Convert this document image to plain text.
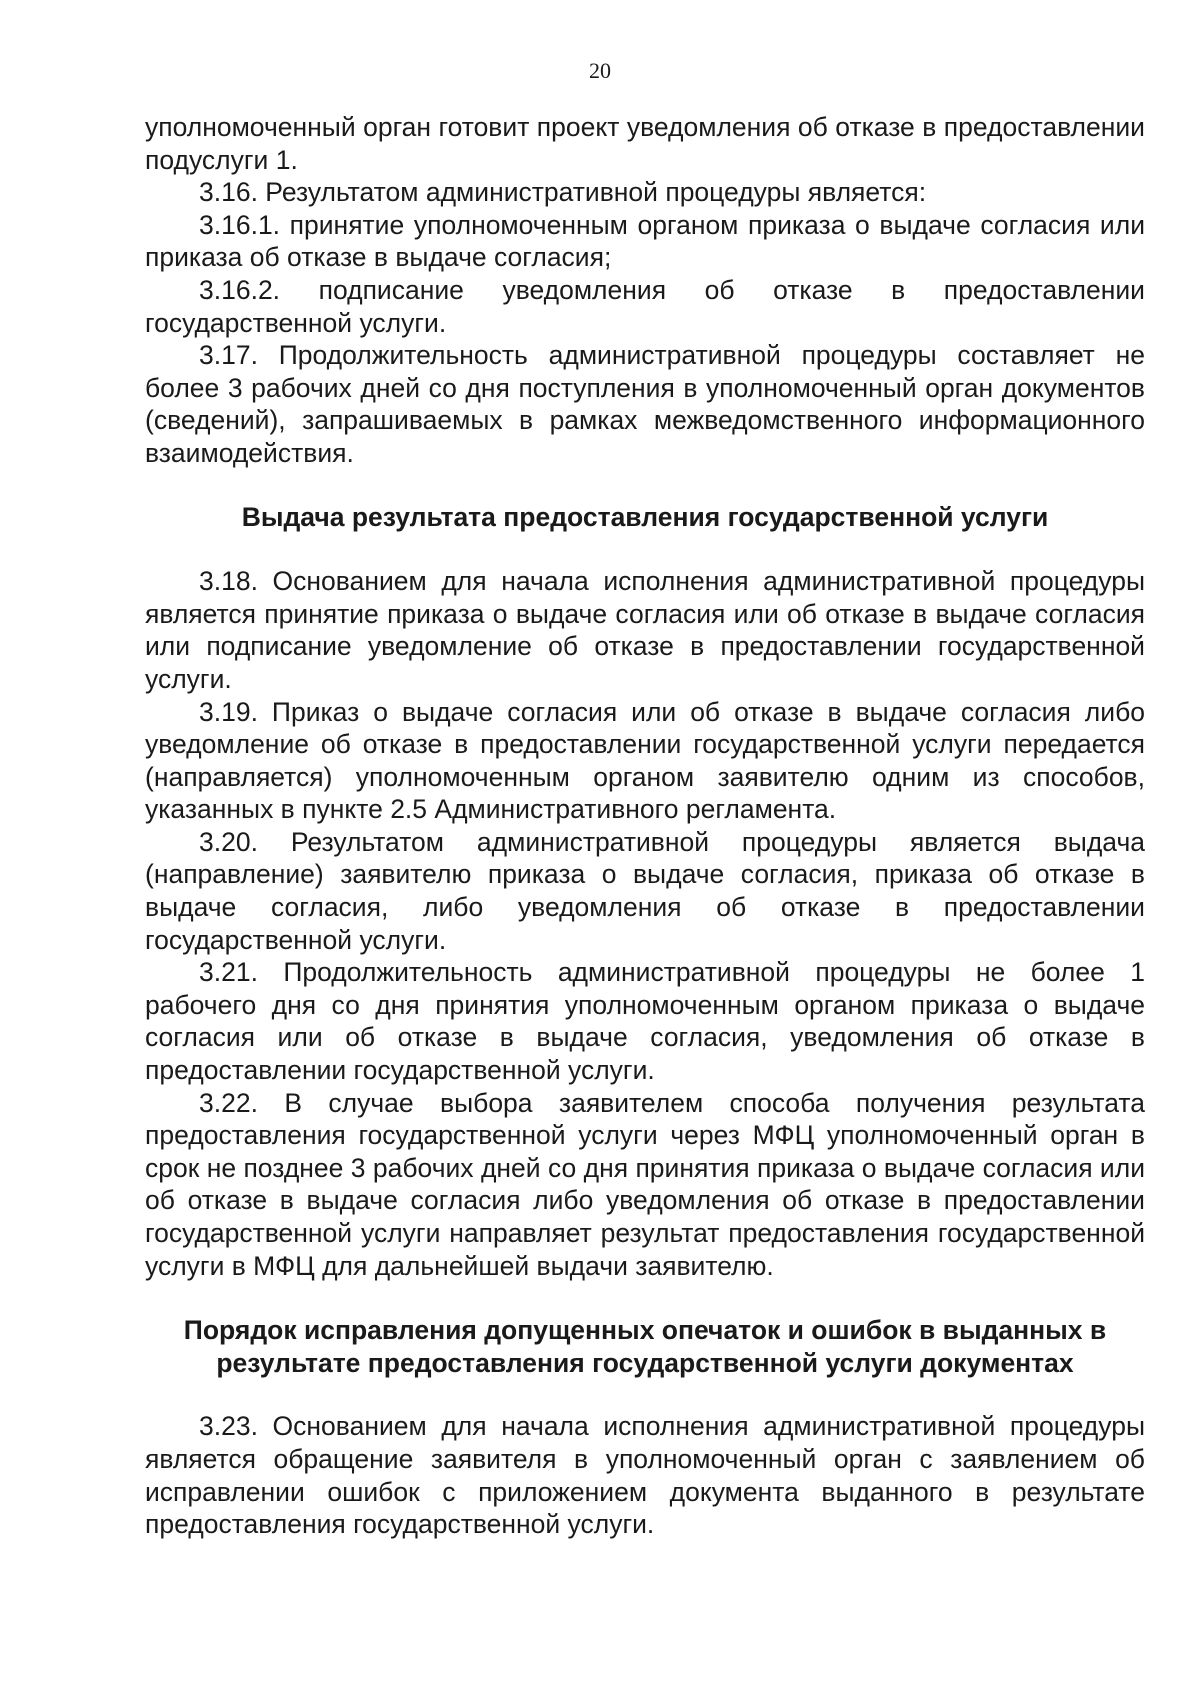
20

уполномоченный орган готовит проект уведомления об отказе в предоставлении подуслуги 1.

3.16. Результатом административной процедуры является:

3.16.1. принятие уполномоченным органом приказа о выдаче согласия или приказа об отказе в выдаче согласия;

3.16.2. подписание уведомления об отказе в предоставлении государственной услуги.

3.17. Продолжительность административной процедуры составляет не более 3 рабочих дней со дня поступления в уполномоченный орган документов (сведений), запрашиваемых в рамках межведомственного информационного взаимодействия.

Выдача результата предоставления государственной услуги

3.18. Основанием для начала исполнения административной процедуры является принятие приказа о выдаче согласия или об отказе в выдаче согласия или подписание уведомление об отказе в предоставлении государственной услуги.

3.19. Приказ о выдаче согласия или об отказе в выдаче согласия либо уведомление об отказе в предоставлении государственной услуги передается (направляется) уполномоченным органом заявителю одним из способов, указанных в пункте 2.5 Административного регламента.

3.20. Результатом административной процедуры является выдача (направление) заявителю приказа о выдаче согласия, приказа об отказе в выдаче согласия, либо уведомления об отказе в предоставлении государственной услуги.

3.21. Продолжительность административной процедуры не более 1 рабочего дня со дня принятия уполномоченным органом приказа о выдаче согласия или об отказе в выдаче согласия, уведомления об отказе в предоставлении государственной услуги.

3.22. В случае выбора заявителем способа получения результата предоставления государственной услуги через МФЦ уполномоченный орган в срок не позднее 3 рабочих дней со дня принятия приказа о выдаче согласия или об отказе в выдаче согласия либо уведомления об отказе в предоставлении государственной услуги направляет результат предоставления государственной услуги в МФЦ для дальнейшей выдачи заявителю.

Порядок исправления допущенных опечаток и ошибок в выданных в результате предоставления государственной услуги документах

3.23. Основанием для начала исполнения административной процедуры является обращение заявителя в уполномоченный орган с заявлением об исправлении ошибок с приложением документа выданного в результате предоставления государственной услуги.
